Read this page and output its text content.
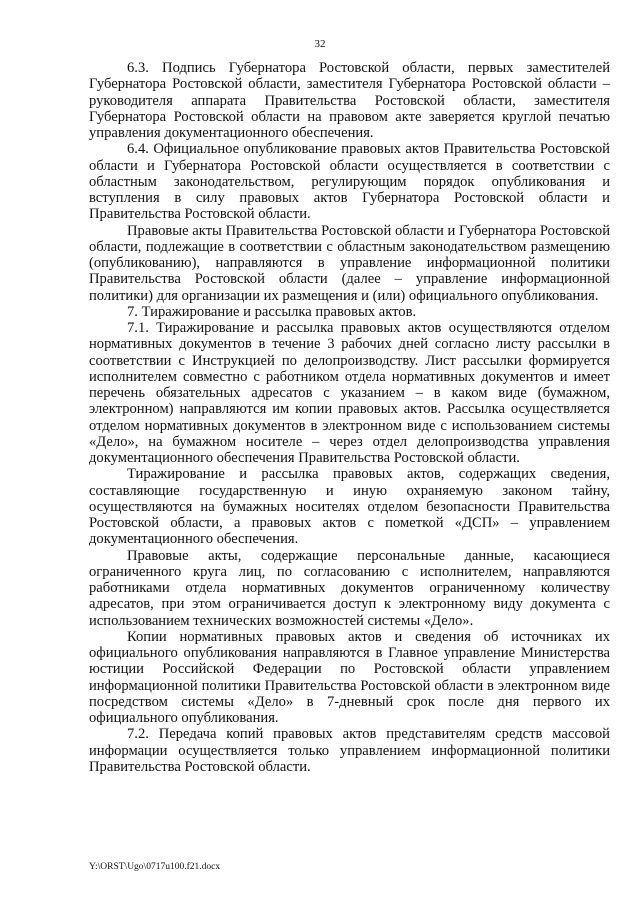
32

6.3. Подпись Губернатора Ростовской области, первых заместителей Губернатора Ростовской области, заместителя Губернатора Ростовской области – руководителя аппарата Правительства Ростовской области, заместителя Губернатора Ростовской области на правовом акте заверяется круглой печатью управления документационного обеспечения.

6.4. Официальное опубликование правовых актов Правительства Ростовской области и Губернатора Ростовской области осуществляется в соответствии с областным законодательством, регулирующим порядок опубликования и вступления в силу правовых актов Губернатора Ростовской области и Правительства Ростовской области.

Правовые акты Правительства Ростовской области и Губернатора Ростовской области, подлежащие в соответствии с областным законодательством размещению (опубликованию), направляются в управление информационной политики Правительства Ростовской области (далее – управление информационной политики) для организации их размещения и (или) официального опубликования.

7. Тиражирование и рассылка правовых актов.

7.1. Тиражирование и рассылка правовых актов осуществляются отделом нормативных документов в течение 3 рабочих дней согласно листу рассылки в соответствии с Инструкцией по делопроизводству. Лист рассылки формируется исполнителем совместно с работником отдела нормативных документов и имеет перечень обязательных адресатов с указанием – в каком виде (бумажном, электронном) направляются им копии правовых актов. Рассылка осуществляется отделом нормативных документов в электронном виде с использованием системы «Дело», на бумажном носителе – через отдел делопроизводства управления документационного обеспечения Правительства Ростовской области.

Тиражирование и рассылка правовых актов, содержащих сведения, составляющие государственную и иную охраняемую законом тайну, осуществляются на бумажных носителях отделом безопасности Правительства Ростовской области, а правовых актов с пометкой «ДСП» – управлением документационного обеспечения.

Правовые акты, содержащие персональные данные, касающиеся ограниченного круга лиц, по согласованию с исполнителем, направляются работниками отдела нормативных документов ограниченному количеству адресатов, при этом ограничивается доступ к электронному виду документа с использованием технических возможностей системы «Дело».

Копии нормативных правовых актов и сведения об источниках их официального опубликования направляются в Главное управление Министерства юстиции Российской Федерации по Ростовской области управлением информационной политики Правительства Ростовской области в электронном виде посредством системы «Дело» в 7-дневный срок после дня первого их официального опубликования.

7.2. Передача копий правовых актов представителям средств массовой информации осуществляется только управлением информационной политики Правительства Ростовской области.

Y:\ORST\Ugo\0717u100.f21.docx
